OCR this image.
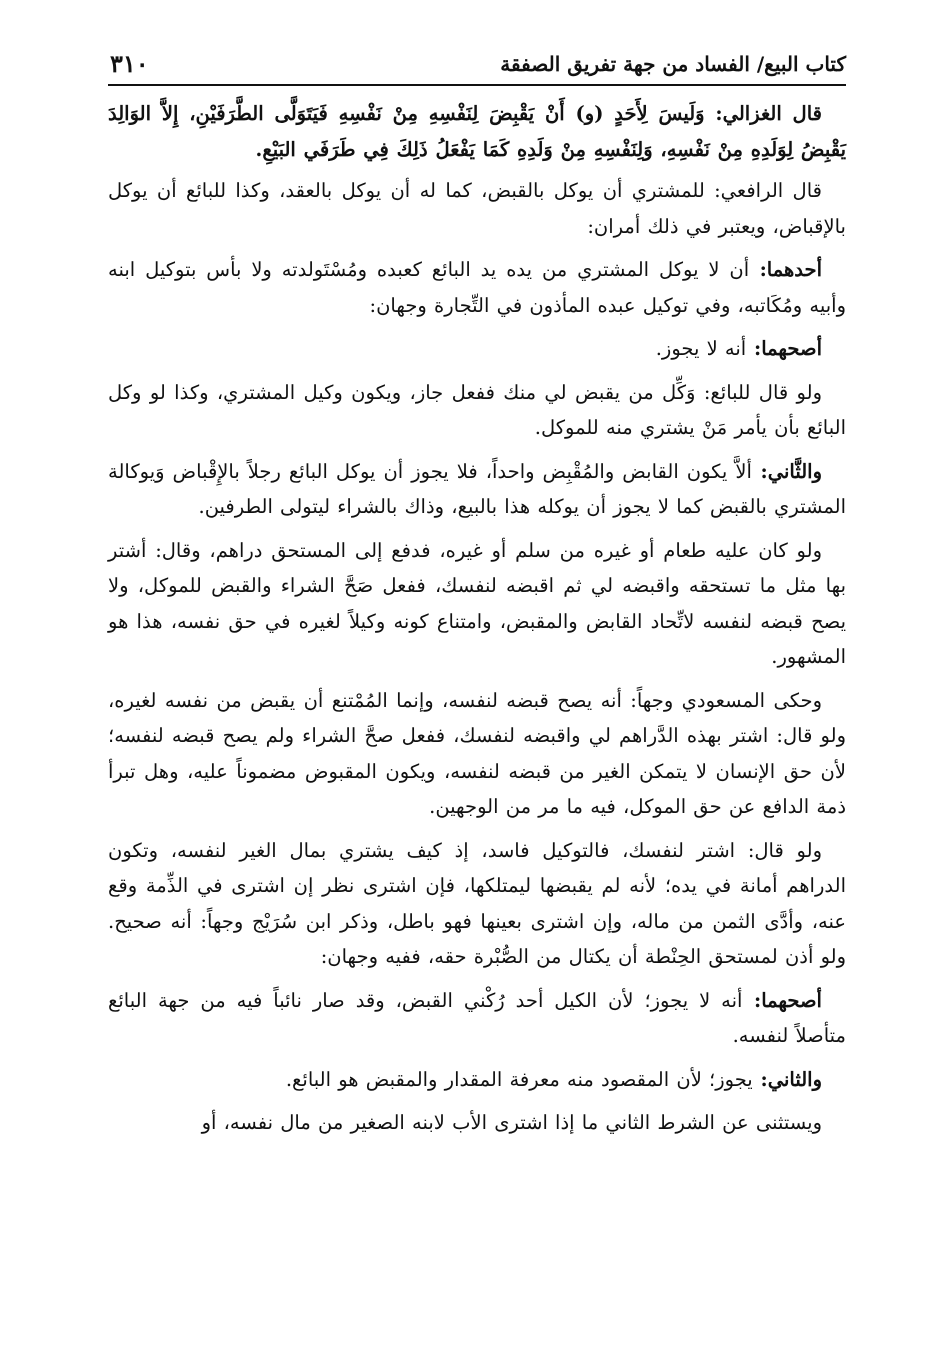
٣١٠	كتاب البيع/ الفساد من جهة تفريق الصفقة

قال الغزالي: وَلَيسَ لِأَحَدٍ (و) أَنْ يَقْبِضَ لِنَفْسِهِ مِنْ نَفْسِهِ فَيَتَوَلَّى الطَّرَفَيْنِ، إِلاَّ الوَالِدَ يَقْبِضُ لِوَلَدِهِ مِنْ نَفْسِهِ، وَلِنَفْسِهِ مِنْ وَلَدِهِ كَمَا يَفْعَلُ ذَلِكَ فِي طَرَفَي البَيْعِ.

قال الرافعي: للمشتري أن يوكل بالقبض، كما له أن يوكل بالعقد، وكذا للبائع أن يوكل بالإقباض، ويعتبر في ذلك أمران:

أحدهما: أن لا يوكل المشتري من يده يد البائع كعبده ومُسْتَولدته ولا بأس بتوكيل ابنه وأبيه ومُكَاتبه، وفي توكيل عبده المأذون في التِّجارة وجهان:

أصحهما: أنه لا يجوز.

ولو قال للبائع: وَكِّل من يقبض لي منك ففعل جاز، ويكون وكيل المشتري، وكذا لو وكل البائع بأن يأمر مَنْ يشتري منه للموكل.

والثَّاني: ألاَّ يكون القابض والمُقْبِض واحداً، فلا يجوز أن يوكل البائع رجلاً بالإِقْباض وَيوكالة المشتري بالقبض كما لا يجوز أن يوكله هذا بالبيع، وذاك بالشراء ليتولى الطرفين.

ولو كان عليه طعام أو غيره من سلم أو غيره، فدفع إلى المستحق دراهم، وقال: أشتر بها مثل ما تستحقه واقبضه لي ثم اقبضه لنفسك، ففعل صَحَّ الشراء والقبض للموكل، ولا يصح قبضه لنفسه لاتِّحاد القابض والمقبض، وامتناع كونه وكيلاً لغيره في حق نفسه، هذا هو المشهور.

وحكى المسعودي وجهاً: أنه يصح قبضه لنفسه، وإنما المُمْتنع أن يقبض من نفسه لغيره، ولو قال: اشتر بهذه الدَّراهم لي واقبضه لنفسك، ففعل صحَّ الشراء ولم يصح قبضه لنفسه؛ لأن حق الإنسان لا يتمكن الغير من قبضه لنفسه، ويكون المقبوض مضموناً عليه، وهل تبرأ ذمة الدافع عن حق الموكل، فيه ما مر من الوجهين.

ولو قال: اشتر لنفسك، فالتوكيل فاسد، إذ كيف يشتري بمال الغير لنفسه، وتكون الدراهم أمانة في يده؛ لأنه لم يقبضها ليمتلكها، فإن اشترى نظر إن اشترى في الذِّمة وقع عنه، وأدَّى الثمن من ماله، وإن اشترى بعينها فهو باطل، وذكر ابن سُرَيْج وجهاً: أنه صحيح. ولو أذن لمستحق الحِنْطة أن يكتال من الصُّبْرة حقه، ففيه وجهان:

أصحهما: أنه لا يجوز؛ لأن الكيل أحد رُكْني القبض، وقد صار نائباً فيه من جهة البائع متأصلاً لنفسه.

والثاني: يجوز؛ لأن المقصود منه معرفة المقدار والمقبض هو البائع.

ويستثنى عن الشرط الثاني ما إذا اشترى الأب لابنه الصغير من مال نفسه، أو
